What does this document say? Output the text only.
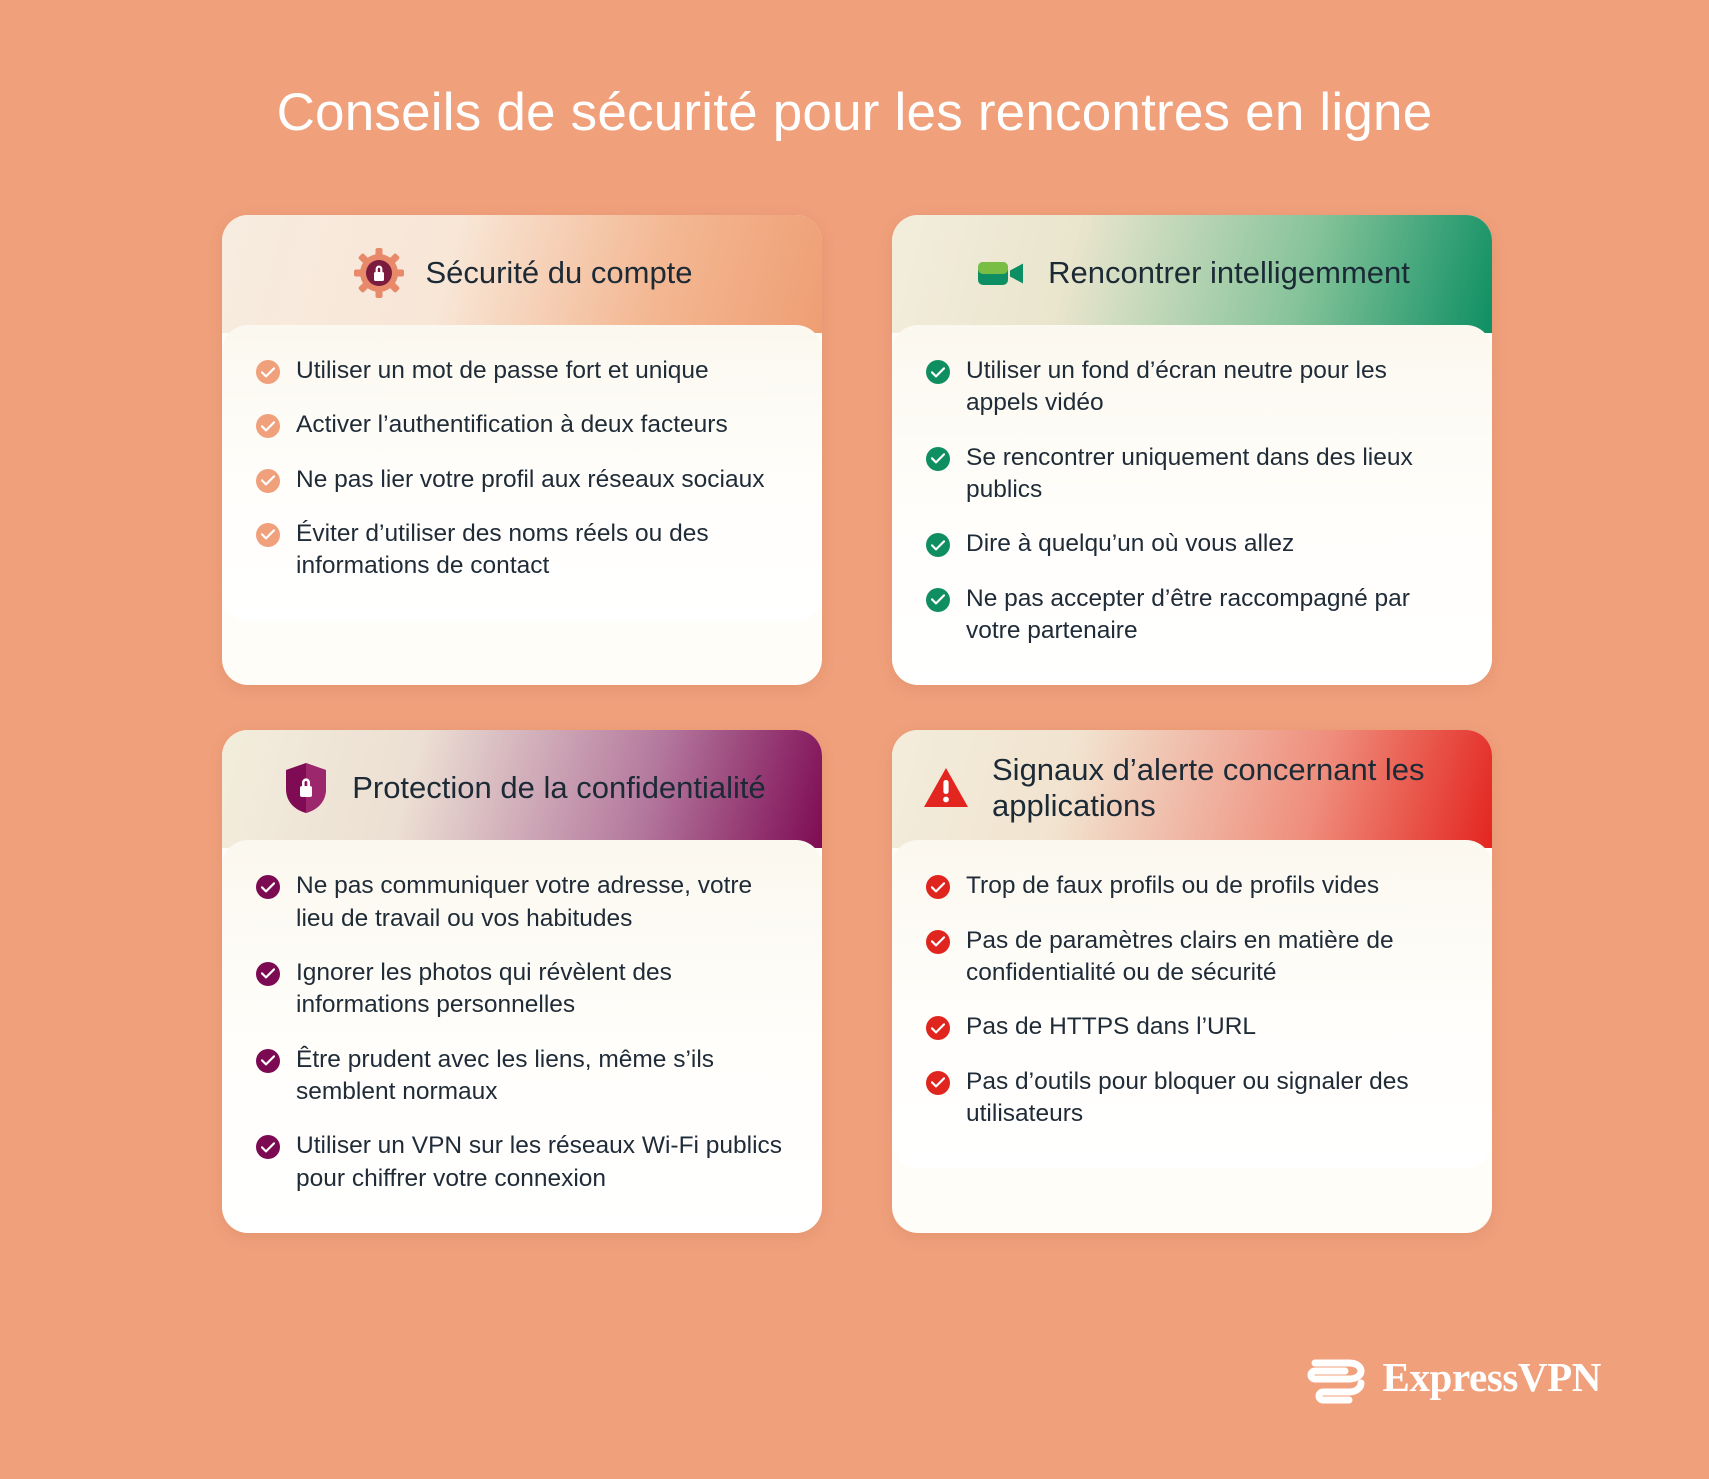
Conseils de sécurité pour les rencontres en ligne
Sécurité du compte
Utiliser un mot de passe fort et unique
Activer l’authentification à deux facteurs
Ne pas lier votre profil aux réseaux sociaux
Éviter d’utiliser des noms réels ou des informations de contact
Rencontrer intelligemment
Utiliser un fond d’écran neutre pour les appels vidéo
Se rencontrer uniquement dans des lieux publics
Dire à quelqu’un où vous allez
Ne pas accepter d’être raccompagné par votre partenaire
Protection de la confidentialité
Ne pas communiquer votre adresse, votre lieu de travail ou vos habitudes
Ignorer les photos qui révèlent des informations personnelles
Être prudent avec les liens, même s’ils semblent normaux
Utiliser un VPN sur les réseaux Wi-Fi publics pour chiffrer votre connexion
Signaux d’alerte concernant les applications
Trop de faux profils ou de profils vides
Pas de paramètres clairs en matière de confidentialité ou de sécurité
Pas de HTTPS dans l’URL
Pas d’outils pour bloquer ou signaler des utilisateurs
ExpressVPN
